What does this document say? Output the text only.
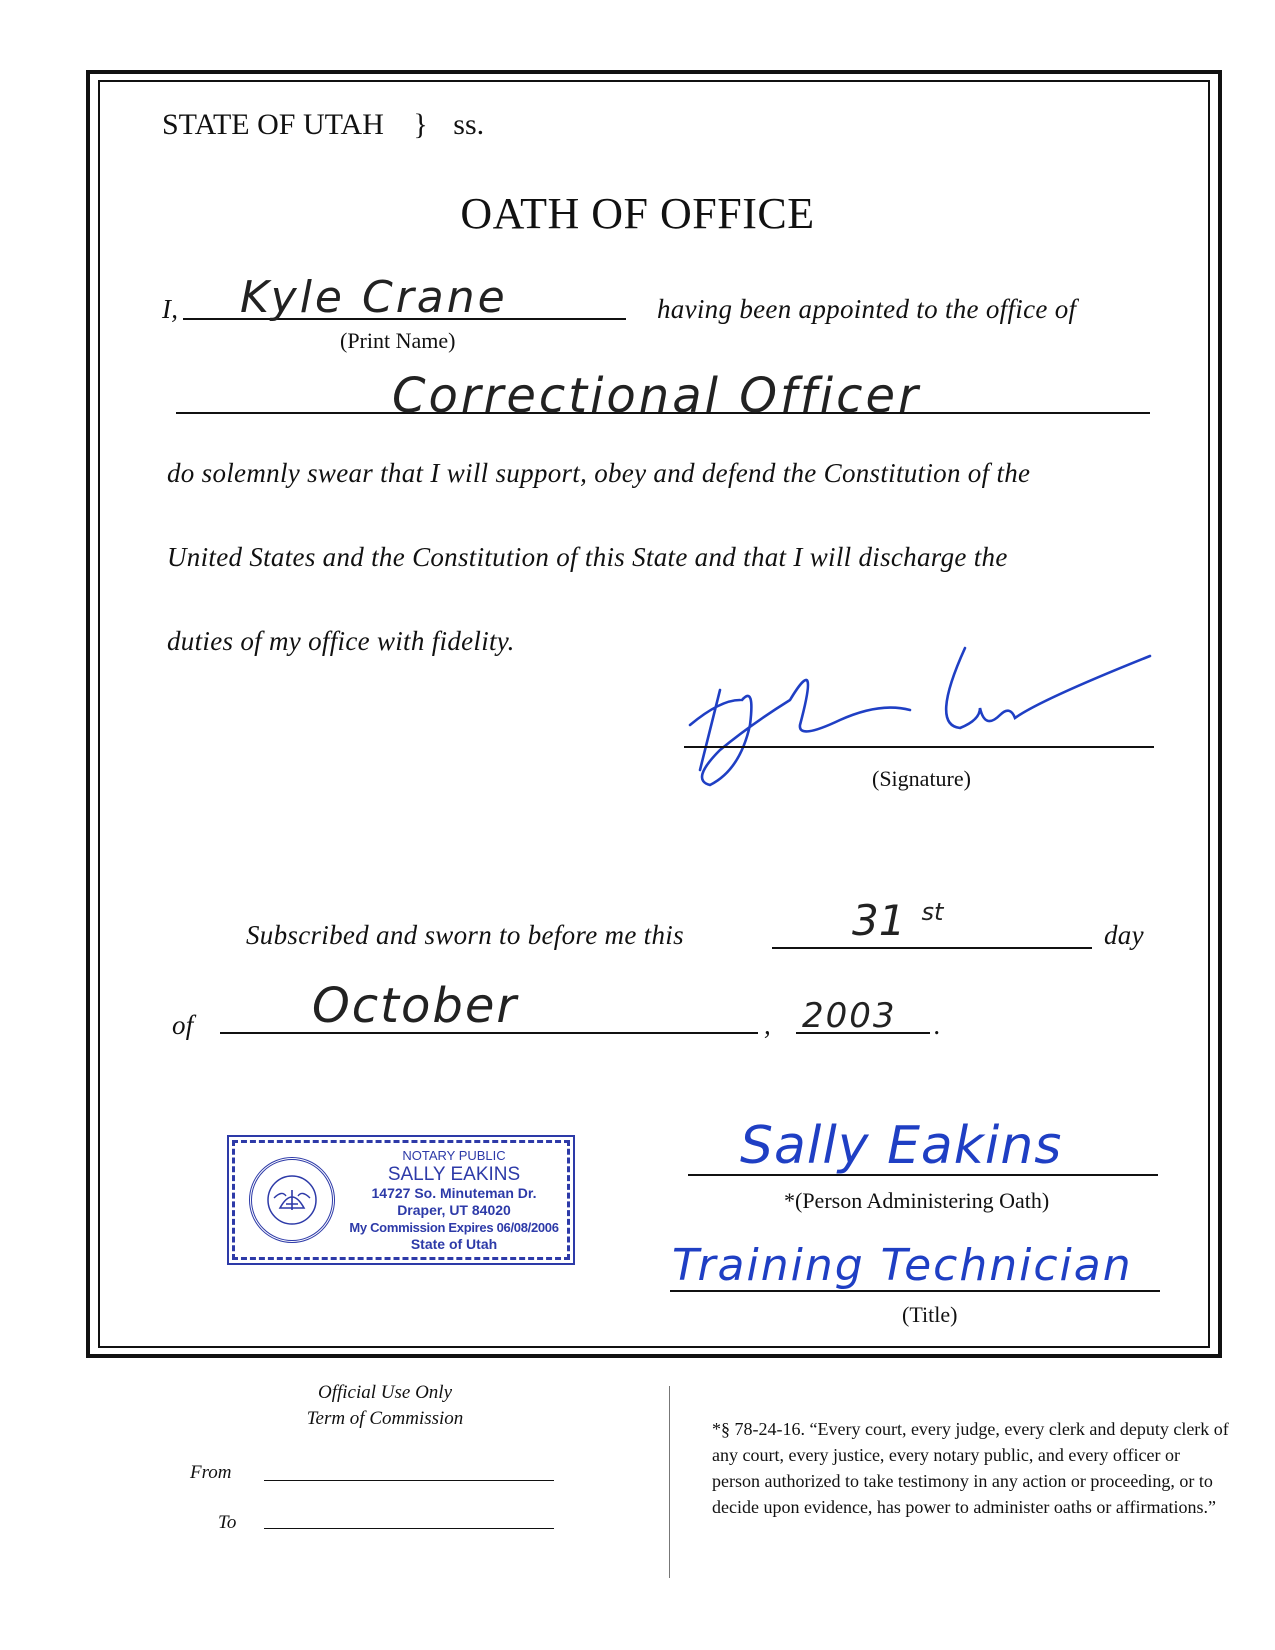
STATE OF UTAH } ss.
OATH OF OFFICE
I, Kyle Crane
(Print Name)
having been appointed to the office of
Correctional Officer
do solemnly swear that I will support, obey and defend the Constitution of the
United States and the Constitution of this State and that I will discharge the
duties of my office with fidelity.
(Signature)
Subscribed and sworn to before me this	31 $^{st}$
day
of October	, 2003 .
NOTARY PUBLIC
SALLY EAKINS
14727 So. Minuteman Dr.
Draper, UT 84020
My Commission Expires 06/08/2006
State of Utah
Sally Eakins
*(Person Administering Oath)
Training Technician
(Title)
Official Use Only
Term of Commission
From
To
*§ 78-24-16. “Every court, every judge, every clerk and deputy clerk of any court, every justice, every notary public, and every officer or person authorized to take testimony in any action or proceeding, or to decide upon evidence, has power to administer oaths or affirmations.”
